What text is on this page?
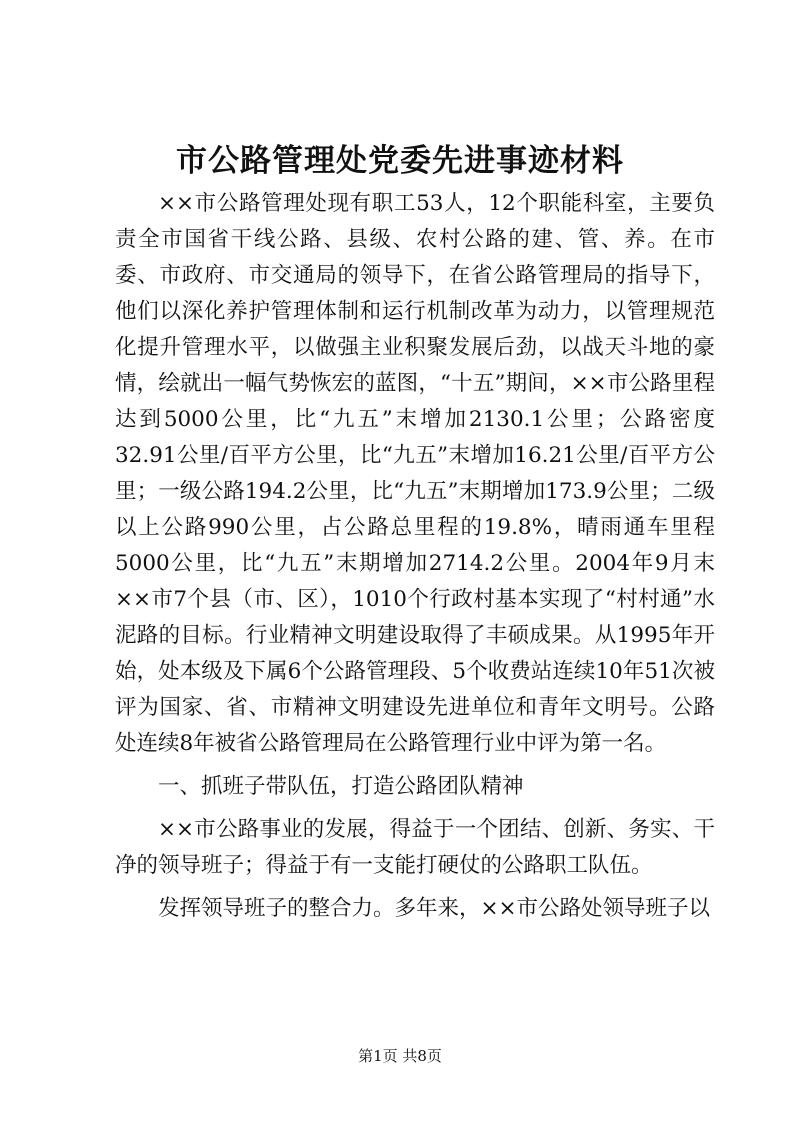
市公路管理处党委先进事迹材料

××市公路管理处现有职工53人，12个职能科室，主要负责全市国省干线公路、县级、农村公路的建、管、养。在市委、市政府、市交通局的领导下，在省公路管理局的指导下，他们以深化养护管理体制和运行机制改革为动力，以管理规范化提升管理水平，以做强主业积聚发展后劲，以战天斗地的豪情，绘就出一幅气势恢宏的蓝图，“十五”期间，××市公路里程达到5000公里，比“九五”末增加2130.1公里；公路密度32.91公里/百平方公里，比“九五”末增加16.21公里/百平方公里；一级公路194.2公里，比“九五”末期增加173.9公里；二级以上公路990公里，占公路总里程的19.8%，晴雨通车里程5000公里，比“九五”末期增加2714.2公里。2004年9月末××市7个县（市、区），1010个行政村基本实现了“村村通”水泥路的目标。行业精神文明建设取得了丰硕成果。从1995年开始，处本级及下属6个公路管理段、5个收费站连续10年51次被评为国家、省、市精神文明建设先进单位和青年文明号。公路处连续8年被省公路管理局在公路管理行业中评为第一名。

一、抓班子带队伍，打造公路团队精神

××市公路事业的发展，得益于一个团结、创新、务实、干净的领导班子；得益于有一支能打硬仗的公路职工队伍。

发挥领导班子的整合力。多年来，××市公路处领导班子以

第1页 共8页
